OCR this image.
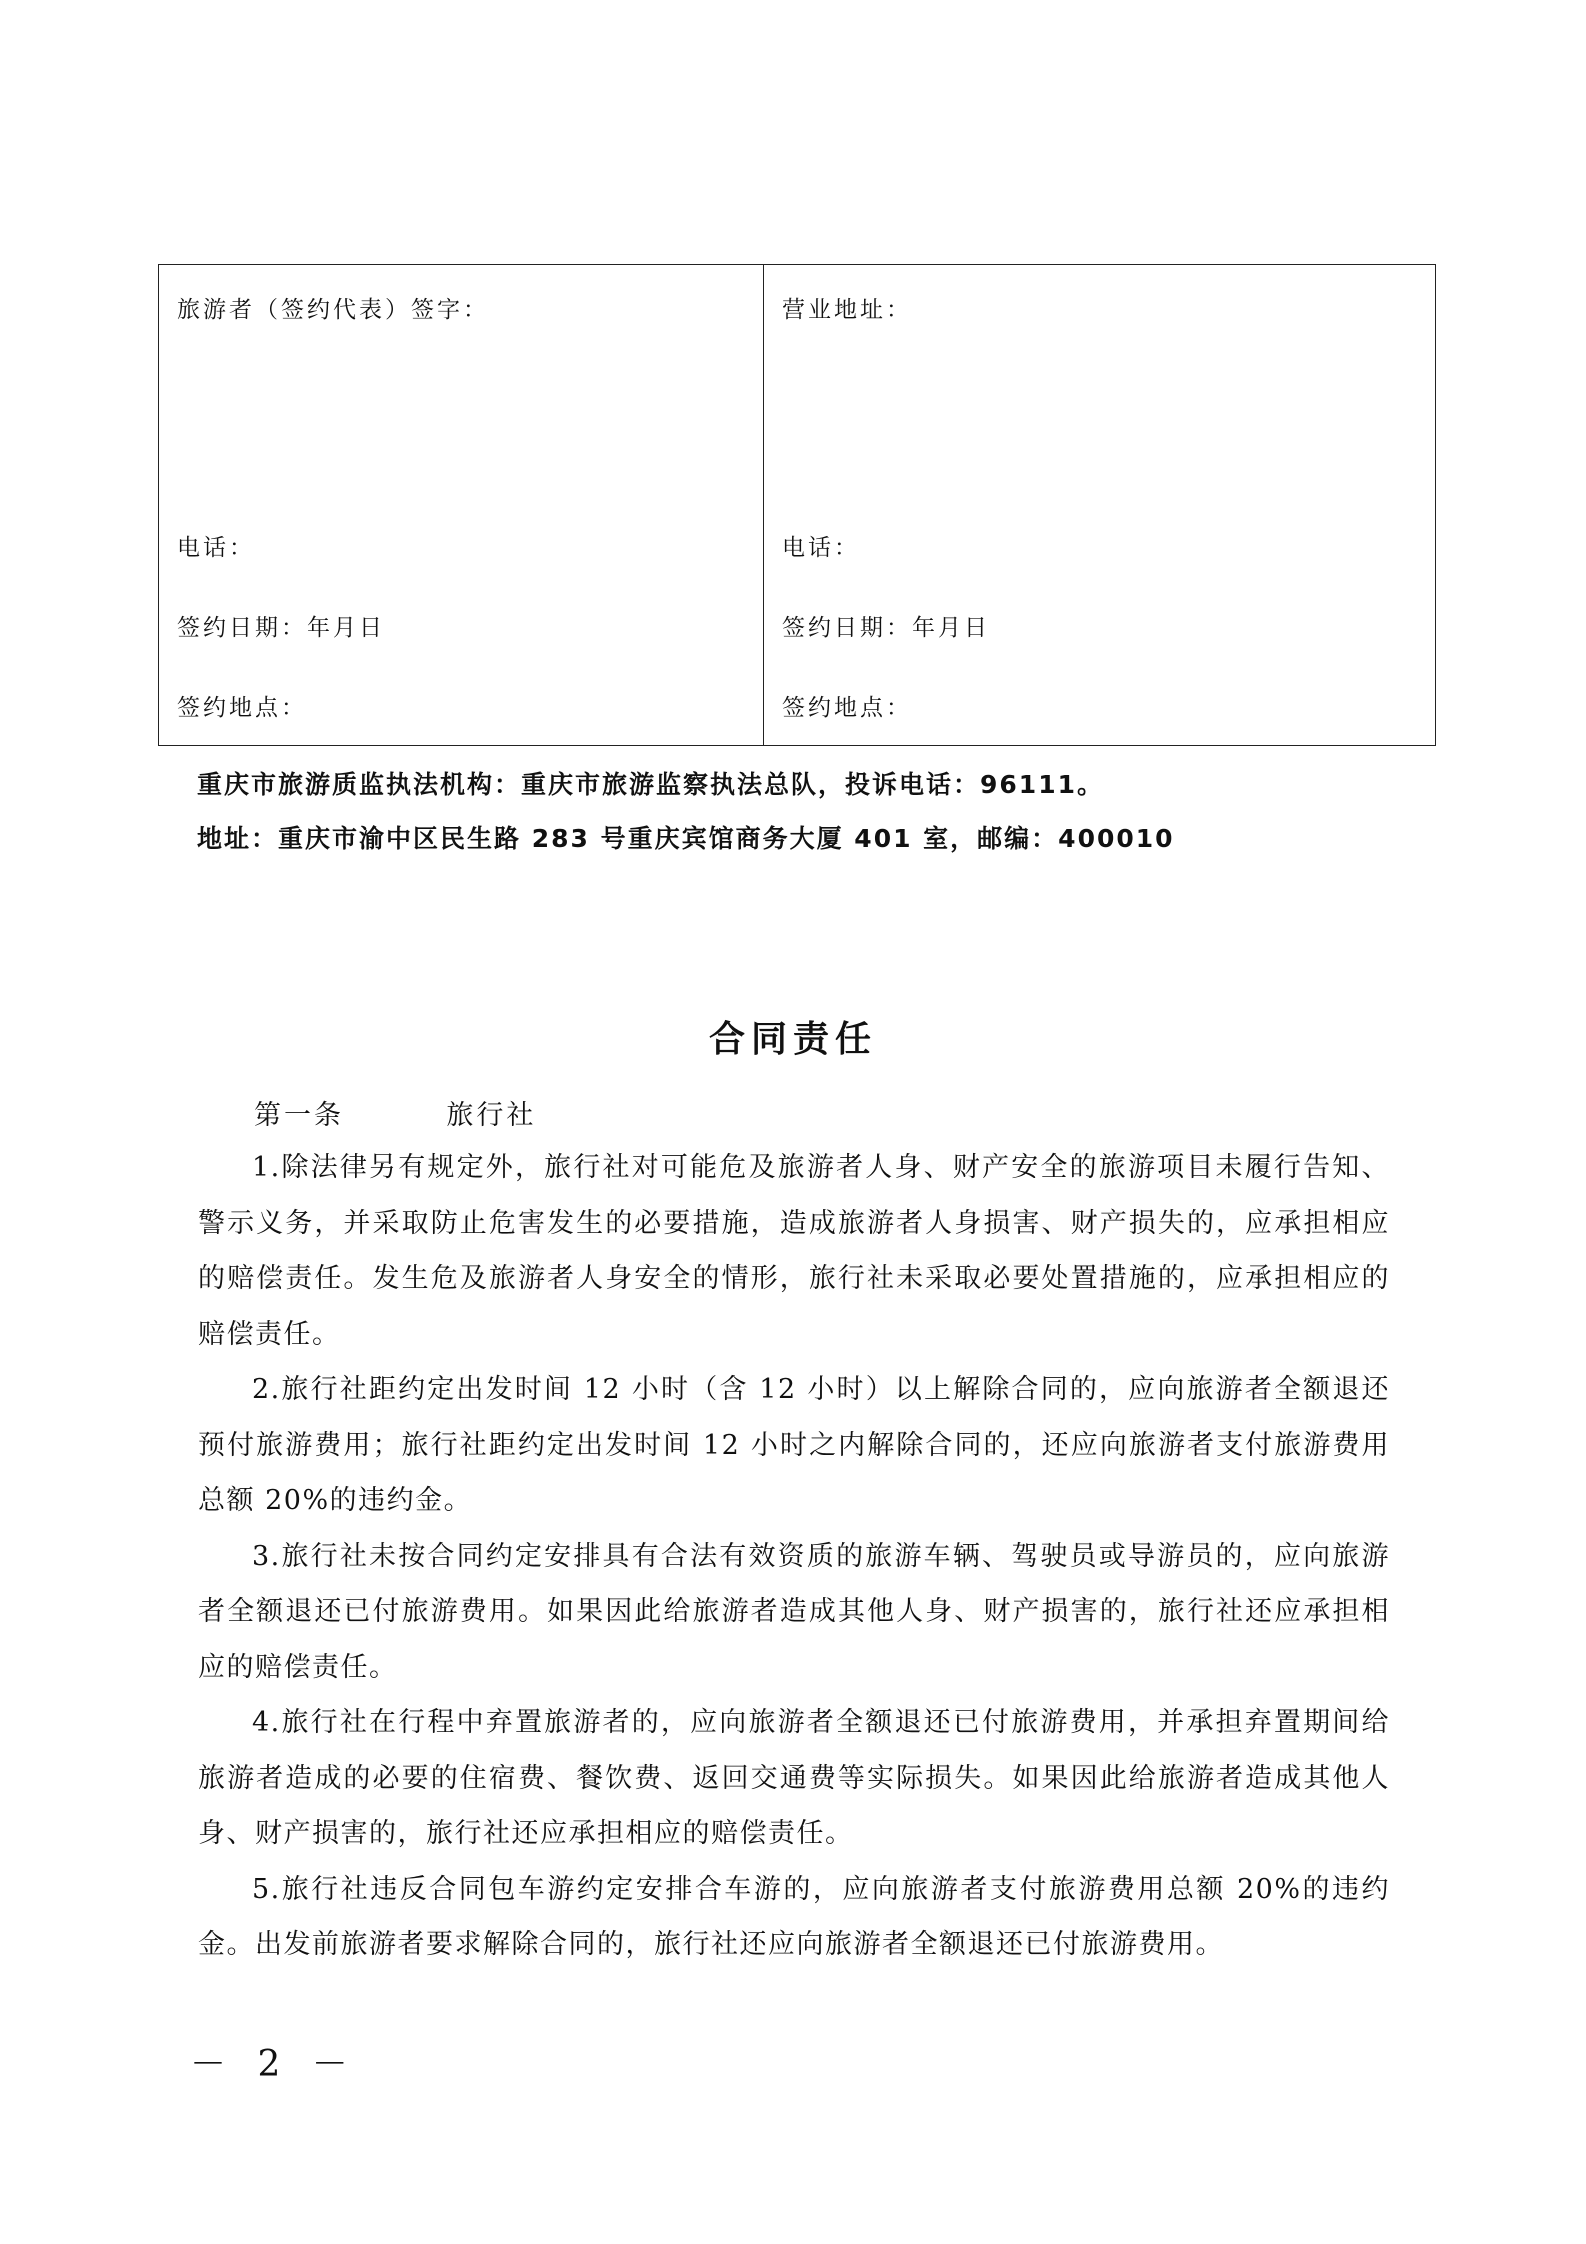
旅游者（签约代表）签字：
电话：
签约日期：年月日
签约地点：
营业地址：
电话：
签约日期：年月日
签约地点：
重庆市旅游质监执法机构：重庆市旅游监察执法总队，投诉电话：96111。
地址：重庆市渝中区民生路 283 号重庆宾馆商务大厦 401 室，邮编：400010
合同责任
第一条    旅行社

1.除法律另有规定外，旅行社对可能危及旅游者人身、财产安全的旅游项目未履行告知、警示义务，并采取防止危害发生的必要措施，造成旅游者人身损害、财产损失的，应承担相应的赔偿责任。发生危及旅游者人身安全的情形，旅行社未采取必要处置措施的，应承担相应的赔偿责任。

2.旅行社距约定出发时间 12 小时（含 12 小时）以上解除合同的，应向旅游者全额退还预付旅游费用；旅行社距约定出发时间 12 小时之内解除合同的，还应向旅游者支付旅游费用总额 20%的违约金。

3.旅行社未按合同约定安排具有合法有效资质的旅游车辆、驾驶员或导游员的，应向旅游者全额退还已付旅游费用。如果因此给旅游者造成其他人身、财产损害的，旅行社还应承担相应的赔偿责任。

4.旅行社在行程中弃置旅游者的，应向旅游者全额退还已付旅游费用，并承担弃置期间给旅游者造成的必要的住宿费、餐饮费、返回交通费等实际损失。如果因此给旅游者造成其他人身、财产损害的，旅行社还应承担相应的赔偿责任。

5.旅行社违反合同包车游约定安排合车游的，应向旅游者支付旅游费用总额 20%的违约金。出发前旅游者要求解除合同的，旅行社还应向旅游者全额退还已付旅游费用。

－ 2 －
